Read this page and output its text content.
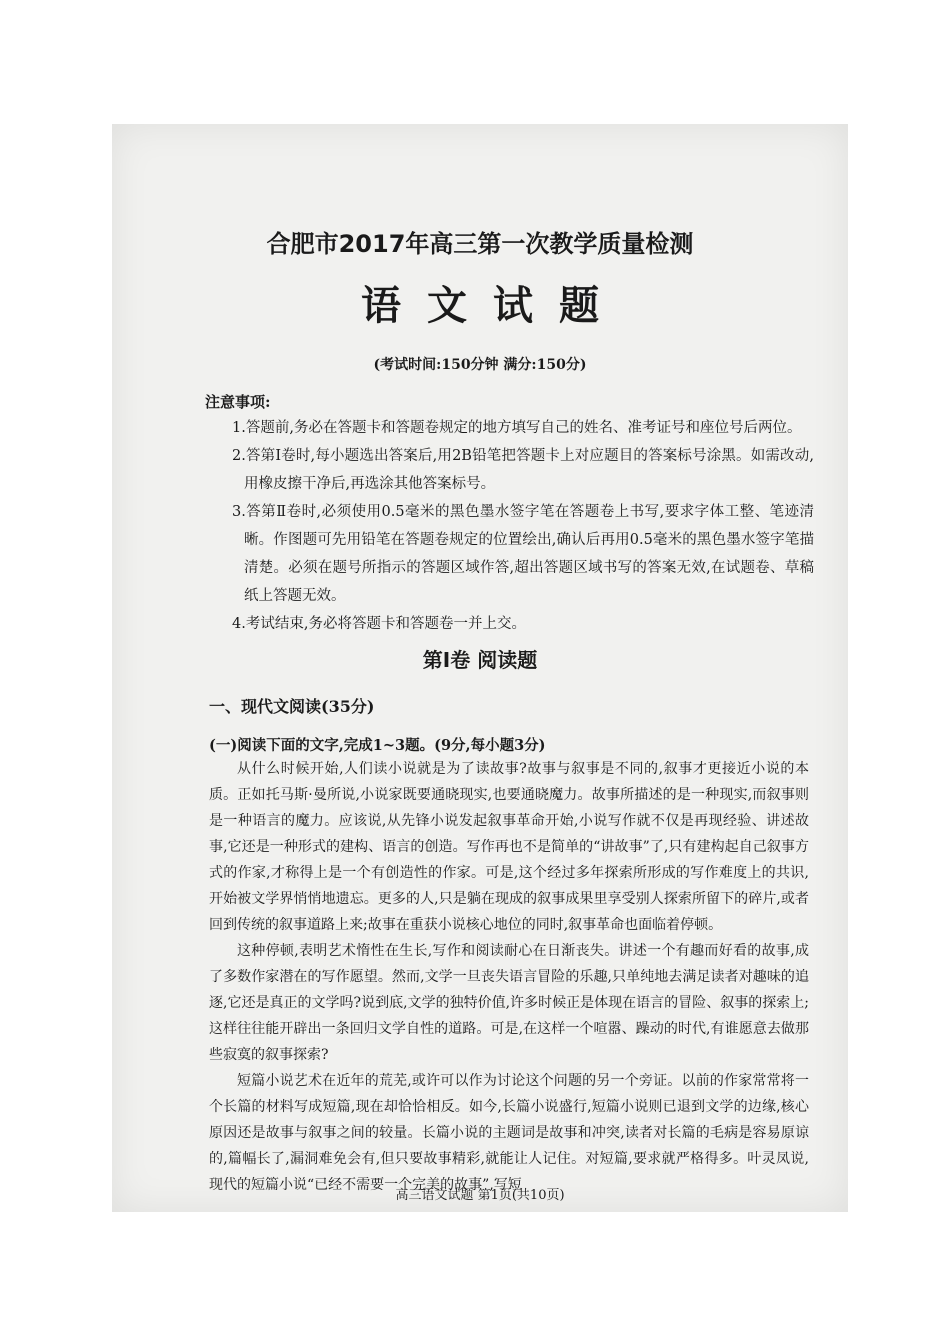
合肥市2017年高三第一次教学质量检测
语文试题
(考试时间:150分钟 满分:150分)
注意事项:

1.答题前,务必在答题卡和答题卷规定的地方填写自己的姓名、准考证号和座位号后两位。

2.答第Ⅰ卷时,每小题选出答案后,用2B铅笔把答题卡上对应题目的答案标号涂黑。如需改动,用橡皮擦干净后,再选涂其他答案标号。

3.答第Ⅱ卷时,必须使用0.5毫米的黑色墨水签字笔在答题卷上书写,要求字体工整、笔迹清晰。作图题可先用铅笔在答题卷规定的位置绘出,确认后再用0.5毫米的黑色墨水签字笔描清楚。必须在题号所指示的答题区域作答,超出答题区域书写的答案无效,在试题卷、草稿纸上答题无效。

4.考试结束,务必将答题卡和答题卷一并上交。

第Ⅰ卷 阅读题
一、现代文阅读(35分)
(一)阅读下面的文字,完成1~3题。(9分,每小题3分)

从什么时候开始,人们读小说就是为了读故事?故事与叙事是不同的,叙事才更接近小说的本质。正如托马斯·曼所说,小说家既要通晓现实,也要通晓魔力。故事所描述的是一种现实,而叙事则是一种语言的魔力。应该说,从先锋小说发起叙事革命开始,小说写作就不仅是再现经验、讲述故事,它还是一种形式的建构、语言的创造。写作再也不是简单的“讲故事”了,只有建构起自己叙事方式的作家,才称得上是一个有创造性的作家。可是,这个经过多年探索所形成的写作难度上的共识,开始被文学界悄悄地遗忘。更多的人,只是躺在现成的叙事成果里享受别人探索所留下的碎片,或者回到传统的叙事道路上来;故事在重获小说核心地位的同时,叙事革命也面临着停顿。

这种停顿,表明艺术惰性在生长,写作和阅读耐心在日渐丧失。讲述一个有趣而好看的故事,成了多数作家潜在的写作愿望。然而,文学一旦丧失语言冒险的乐趣,只单纯地去满足读者对趣味的追逐,它还是真正的文学吗?说到底,文学的独特价值,许多时候正是体现在语言的冒险、叙事的探索上;这样往往能开辟出一条回归文学自性的道路。可是,在这样一个喧嚣、躁动的时代,有谁愿意去做那些寂寞的叙事探索?

短篇小说艺术在近年的荒芜,或许可以作为讨论这个问题的另一个旁证。以前的作家常常将一个长篇的材料写成短篇,现在却恰恰相反。如今,长篇小说盛行,短篇小说则已退到文学的边缘,核心原因还是故事与叙事之间的较量。长篇小说的主题词是故事和冲突,读者对长篇的毛病是容易原谅的,篇幅长了,漏洞难免会有,但只要故事精彩,就能让人记住。对短篇,要求就严格得多。叶灵凤说,现代的短篇小说“已经不需要一个完美的故事”,写短

高三语文试题 第1页(共10页)
